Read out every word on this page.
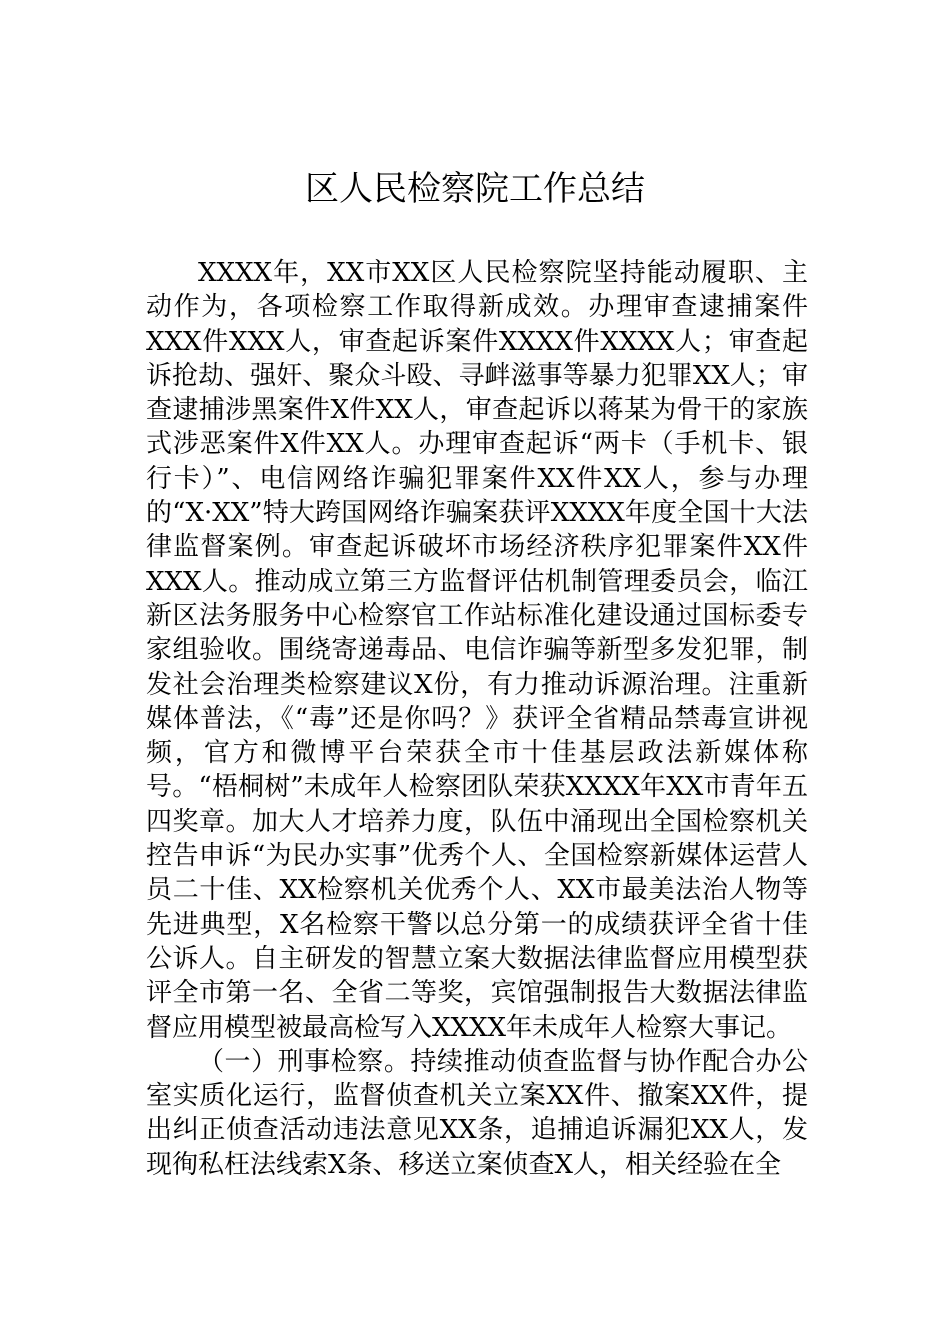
区人民检察院工作总结

XXXX年，XX市XX区人民检察院坚持能动履职、主动作为，各项检察工作取得新成效。办理审查逮捕案件XXX件XXX人，审查起诉案件XXXX件XXXX人；审查起诉抢劫、强奸、聚众斗殴、寻衅滋事等暴力犯罪XX人；审查逮捕涉黑案件X件XX人，审查起诉以蒋某为骨干的家族式涉恶案件X件XX人。办理审查起诉“两卡（手机卡、银行卡）”、电信网络诈骗犯罪案件XX件XX人，参与办理的“X·XX”特大跨国网络诈骗案获评XXXX年度全国十大法律监督案例。审查起诉破坏市场经济秩序犯罪案件XX件XXX人。推动成立第三方监督评估机制管理委员会，临江新区法务服务中心检察官工作站标准化建设通过国标委专家组验收。围绕寄递毒品、电信诈骗等新型多发犯罪，制发社会治理类检察建议X份，有力推动诉源治理。注重新媒体普法，《“毒”还是你吗？》获评全省精品禁毒宣讲视频，官方和微博平台荣获全市十佳基层政法新媒体称号。“梧桐树”未成年人检察团队荣获XXXX年XX市青年五四奖章。加大人才培养力度，队伍中涌现出全国检察机关控告申诉“为民办实事”优秀个人、全国检察新媒体运营人员二十佳、XX检察机关优秀个人、XX市最美法治人物等先进典型，X名检察干警以总分第一的成绩获评全省十佳公诉人。自主研发的智慧立案大数据法律监督应用模型获评全市第一名、全省二等奖，宾馆强制报告大数据法律监督应用模型被最高检写入XXXX年未成年人检察大事记。

（一）刑事检察。持续推动侦查监督与协作配合办公室实质化运行，监督侦查机关立案XX件、撤案XX件，提出纠正侦查活动违法意见XX条，追捕追诉漏犯XX人，发现徇私枉法线索X条、移送立案侦查X人，相关经验在全
